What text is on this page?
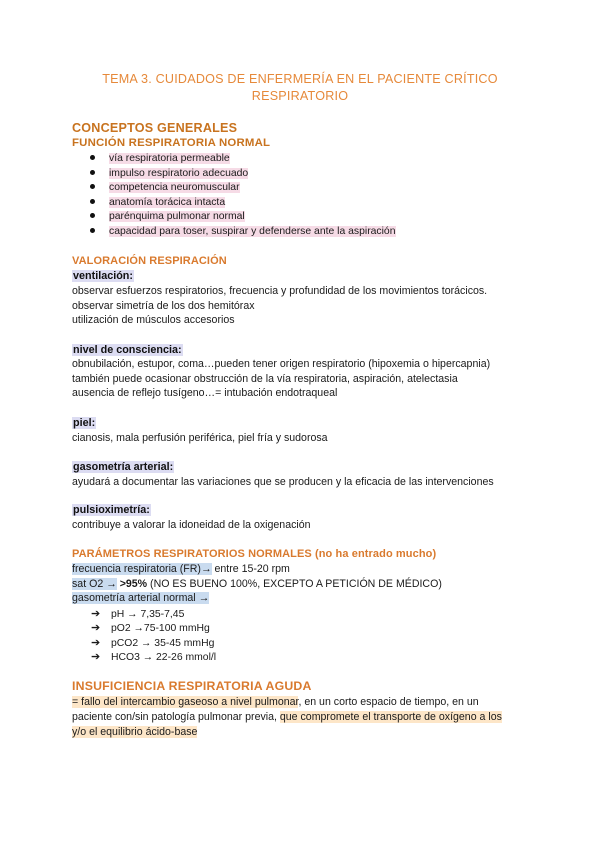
TEMA 3. CUIDADOS DE ENFERMERÍA EN EL PACIENTE CRÍTICO
RESPIRATORIO
CONCEPTOS GENERALES
FUNCIÓN RESPIRATORIA NORMAL
vía respiratoria permeable
impulso respiratorio adecuado
competencia neuromuscular
anatomía torácica intacta
parénquima pulmonar normal
capacidad para toser, suspirar y defenderse ante la aspiración
VALORACIÓN RESPIRACIÓN
ventilación:
observar esfuerzos respiratorios, frecuencia y profundidad de los movimientos torácicos.
observar simetría de los dos hemitórax
utilización de músculos accesorios
nivel de consciencia:
obnubilación, estupor, coma…pueden tener origen respiratorio (hipoxemia o hipercapnia)
también puede ocasionar obstrucción de la vía respiratoria, aspiración, atelectasia
ausencia de reflejo tusígeno…= intubación endotraqueal
piel:
cianosis, mala perfusión periférica, piel fría y sudorosa
gasometría arterial:
ayudará a documentar las variaciones que se producen y la eficacia de las intervenciones
pulsioximetría:
contribuye a valorar la idoneidad de la oxigenación
PARÁMETROS RESPIRATORIOS NORMALES (no ha entrado mucho)
frecuencia respiratoria (FR)→ entre 15-20 rpm
sat O2 → >95% (NO ES BUENO 100%, EXCEPTO A PETICIÓN DE MÉDICO)
gasometría arterial normal →
➔ pH → 7,35-7,45
➔ pO2 →75-100 mmHg
➔ pCO2 → 35-45 mmHg
➔ HCO3 → 22-26 mmol/l
INSUFICIENCIA RESPIRATORIA AGUDA
= fallo del intercambio gaseoso a nivel pulmonar, en un corto espacio de tiempo, en un
paciente con/sin patología pulmonar previa, que compromete el transporte de oxígeno a los
y/o el equilibrio ácido-base
